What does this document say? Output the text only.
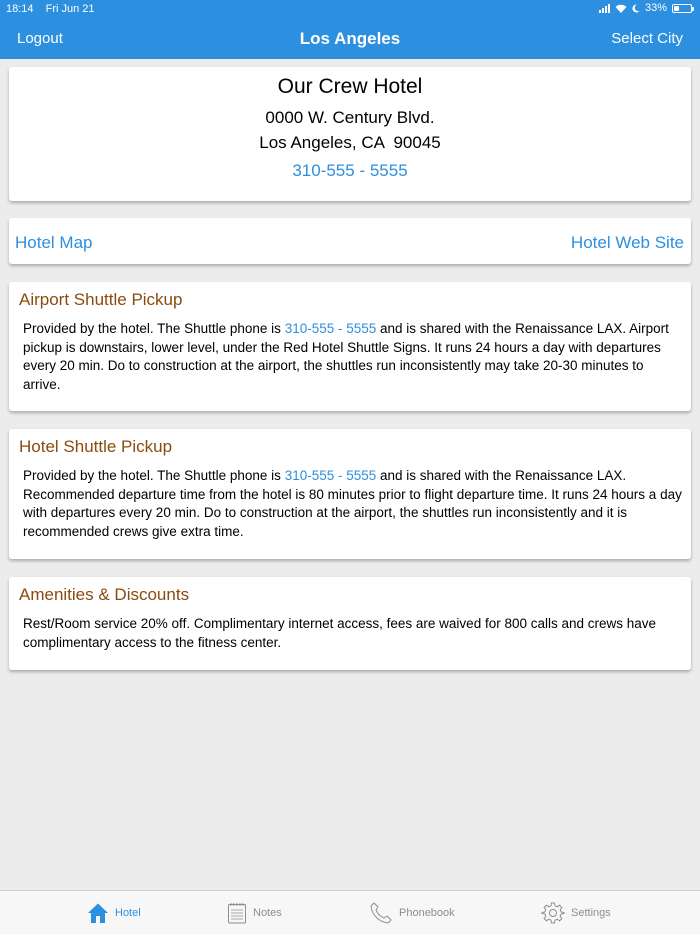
18:14 Fri Jun 21	33%
Logout	Los Angeles	Select City
Our Crew Hotel
0000 W. Century Blvd.
Los Angeles, CA  90045
310-555 - 5555
Hotel Map	Hotel Web Site
Airport Shuttle Pickup
Provided by the hotel. The Shuttle phone is 310-555 - 5555 and is shared with the Renaissance LAX. Airport pickup is downstairs, lower level, under the Red Hotel Shuttle Signs. It runs 24 hours a day with departures every 20 min. Do to construction at the airport, the shuttles run inconsistently may take 20-30 minutes to arrive.
Hotel Shuttle Pickup
Provided by the hotel. The Shuttle phone is 310-555 - 5555 and is shared with the Renaissance LAX. Recommended departure time from the hotel is 80 minutes prior to flight departure time. It runs 24 hours a day with departures every 20 min. Do to construction at the airport, the shuttles run inconsistently and it is recommended crews give extra time.
Amenities & Discounts
Rest/Room service 20% off. Complimentary internet access, fees are waived for 800 calls and crews have complimentary access to the fitness center.
Hotel	Notes	Phonebook	Settings
